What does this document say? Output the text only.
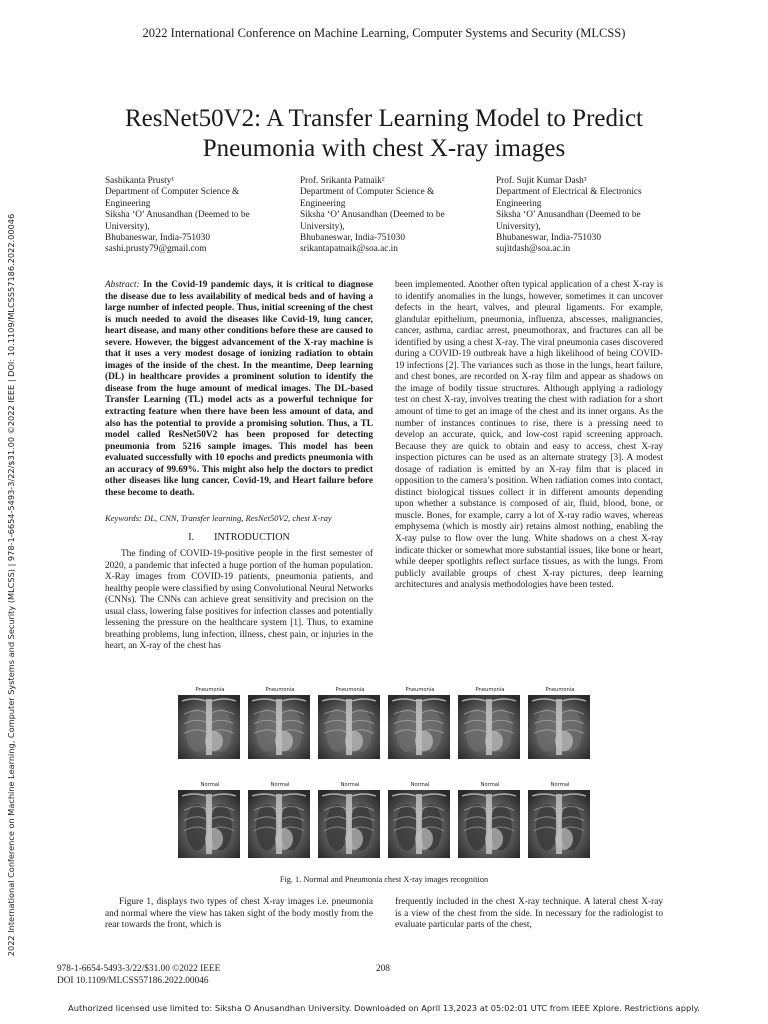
2022 International Conference on Machine Learning, Computer Systems and Security (MLCSS)
ResNet50V2: A Transfer Learning Model to Predict Pneumonia with chest X-ray images
Sashikanta Prusty¹
Department of Computer Science &
Engineering
Siksha ‘O’ Anusandhan (Deemed to be
University),
Bhubaneswar, India-751030
sashi.prusty79@gmail.com
Prof. Srikanta Patnaik²
Department of Computer Science &
Engineering
Siksha ‘O’ Anusandhan (Deemed to be
University),
Bhubaneswar, India-751030
srikantapatnaik@soa.ac.in
Prof. Sujit Kumar Dash³
Department of Electrical & Electronics
Engineering
Siksha ‘O’ Anusandhan (Deemed to be
University),
Bhubaneswar, India-751030
sujitdash@soa.ac.in
2022 International Conference on Machine Learning, Computer Systems and Security (MLCSS) | 978-1-6654-5493-3/22/$31.00 ©2022 IEEE | DOI: 10.1109/MLCSS57186.2022.00046	Abstract: In the Covid-19 pandemic days, it is critical to diagnose the disease due to less availability of medical beds and of having a large number of infected people. Thus, initial screening of the chest is much needed to avoid the diseases like Covid-19, lung cancer, heart disease, and many other conditions before these are caused to severe. However, the biggest advancement of the X-ray machine is that it uses a very modest dosage of ionizing radiation to obtain images of the inside of the chest. In the meantime, Deep learning (DL) in healthcare provides a prominent solution to identify the disease from the huge amount of medical images. The DL-based Transfer Learning (TL) model acts as a powerful technique for extracting feature when there have been less amount of data, and also has the potential to provide a promising solution. Thus, a TL model called ResNet50V2 has been proposed for detecting pneumonia from 5216 sample images. This model has been evaluated successfully with 10 epochs and predicts pneumonia with an accuracy of 99.69%. This might also help the doctors to predict other diseases like lung cancer, Covid-19, and Heart failure before these become to death.
Keywords: DL, CNN, Transfer learning, ResNet50V2, chest X-ray
I.        INTRODUCTION
The finding of COVID-19-positive people in the first semester of 2020, a pandemic that infected a huge portion of the human population. X-Ray images from COVID-19 patients, pneumonia patients, and healthy people were classified by using Convolutional Neural Networks (CNNs). The CNNs can achieve great sensitivity and precision on the usual class, lowering false positives for infection classes and potentially lessening the pressure on the healthcare system [1]. Thus, to examine breathing problems, lung infection, illness, chest pain, or injuries in the heart, an X-ray of the chest has
been implemented. Another often typical application of a chest X-ray is to identify anomalies in the lungs, however, sometimes it can uncover defects in the heart, valves, and pleural ligaments. For example, glandular epithelium, pneumonia, influenza, abscesses, malignancies, cancer, asthma, cardiac arrest, pneumothorax, and fractures can all be identified by using a chest X-ray. The viral pneumonia cases discovered during a COVID-19 outbreak have a high likelihood of being COVID-19 infections [2]. The variances such as those in the lungs, heart failure, and chest bones, are recorded on X-ray film and appear as shadows on the image of bodily tissue structures. Although applying a radiology test on chest X-ray, involves treating the chest with radiation for a short amount of time to get an image of the chest and its inner organs. As the number of instances continues to rise, there is a pressing need to develop an accurate, quick, and low-cost rapid screening approach. Because they are quick to obtain and easy to access, chest X-ray inspection pictures can be used as an alternate strategy [3]. A modest dosage of radiation is emitted by an X-ray film that is placed in opposition to the camera’s position. When radiation comes into contact, distinct biological tissues collect it in different amounts depending upon whether a substance is composed of air, fluid, blood, bone, or muscle. Bones, for example, carry a lot of X-ray radio waves, whereas emphysema (which is mostly air) retains almost nothing, enabling the X-ray pulse to flow over the lung. White shadows on a chest X-ray indicate thicker or somewhat more substantial issues, like bone or heart, while deeper spotlights reflect surface tissues, as with the lungs. From publicly available groups of chest X-ray pictures, deep learning architectures and analysis methodologies have been tested.
Pneumonia	Pneumonia	Pneumonia	Pneumonia	Pneumonia	Pneumonia
Normal	Normal	Normal	Normal	Normal	Normal
Fig. 1. Normal and Pneumonia chest X-ray images recognition
Figure 1, displays two types of chest X-ray images i.e. pneumonia and normal where the view has taken sight of the body mostly from the rear towards the front, which is
frequently included in the chest X-ray technique. A lateral chest X-ray is a view of the chest from the side. In necessary for the radiologist to evaluate particular parts of the chest,
978-1-6654-5493-3/22/$31.00 ©2022 IEEE
DOI 10.1109/MLCSS57186.2022.00046
208
Authorized licensed use limited to: Siksha O Anusandhan University. Downloaded on April 13,2023 at 05:02:01 UTC from IEEE Xplore. Restrictions apply.
